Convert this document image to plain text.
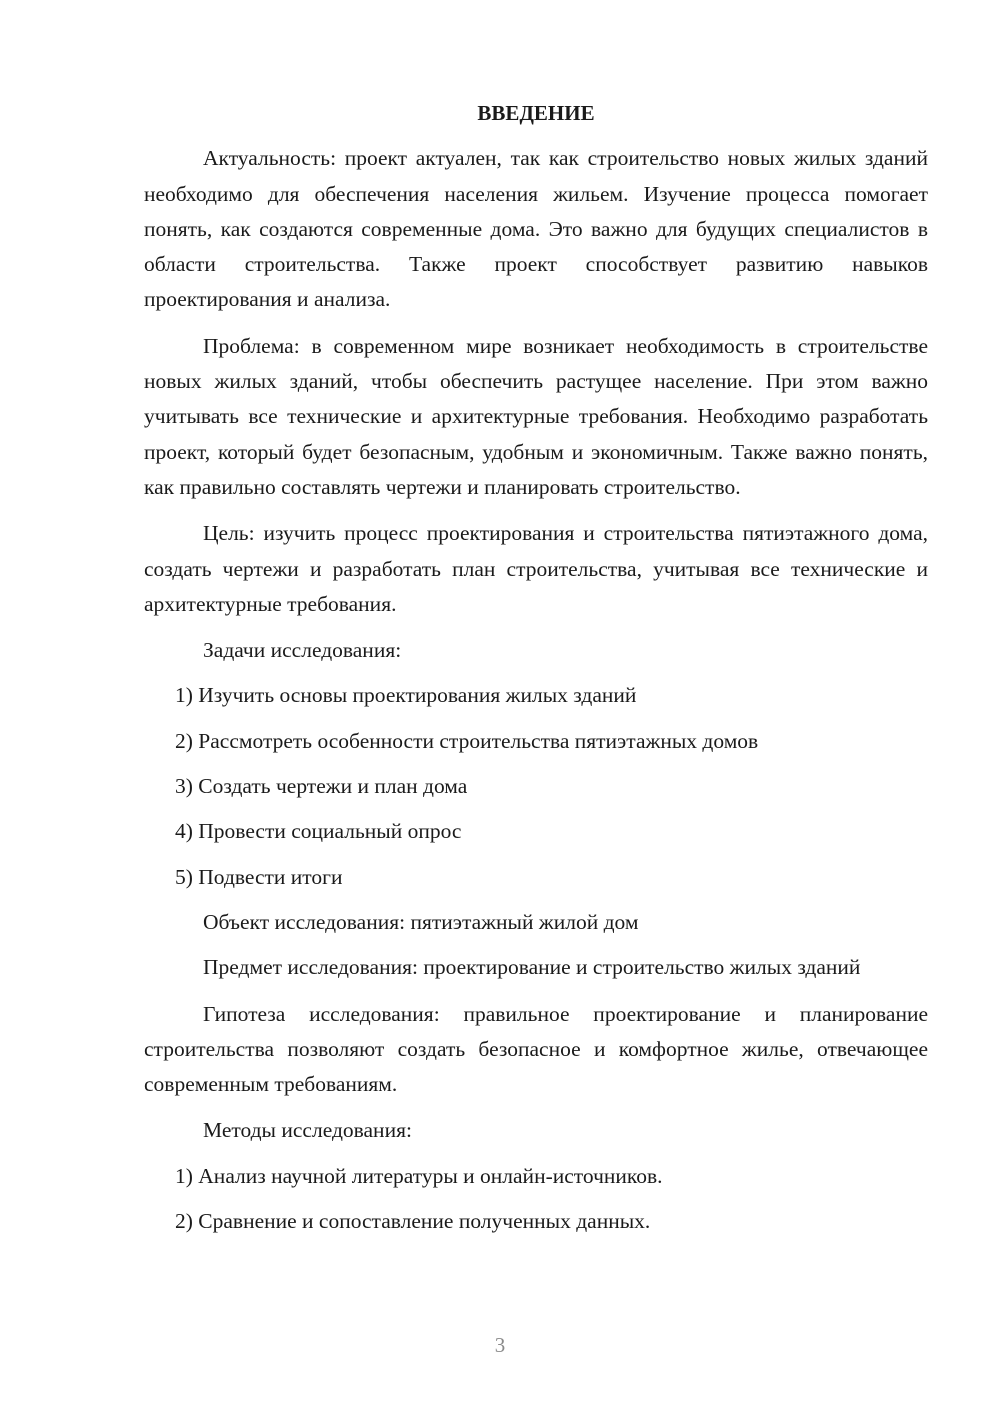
ВВЕДЕНИЕ

Актуальность: проект актуален, так как строительство новых жилых зданий необходимо для обеспечения населения жильем. Изучение процесса помогает понять, как создаются современные дома. Это важно для будущих специалистов в области строительства. Также проект способствует развитию навыков проектирования и анализа.

Проблема: в современном мире возникает необходимость в строительстве новых жилых зданий, чтобы обеспечить растущее население. При этом важно учитывать все технические и архитектурные требования. Необходимо разработать проект, который будет безопасным, удобным и экономичным. Также важно понять, как правильно составлять чертежи и планировать строительство.

Цель: изучить процесс проектирования и строительства пятиэтажного дома, создать чертежи и разработать план строительства, учитывая все технические и архитектурные требования.

Задачи исследования:
1) Изучить основы проектирования жилых зданий
2) Рассмотреть особенности строительства пятиэтажных домов
3) Создать чертежи и план дома
4) Провести социальный опрос
5) Подвести итоги
Объект исследования: пятиэтажный жилой дом

Предмет исследования: проектирование и строительство жилых зданий

Гипотеза исследования: правильное проектирование и планирование строительства позволяют создать безопасное и комфортное жилье, отвечающее современным требованиям.

Методы исследования:
1) Анализ научной литературы и онлайн-источников.
2) Сравнение и сопоставление полученных данных.
3
